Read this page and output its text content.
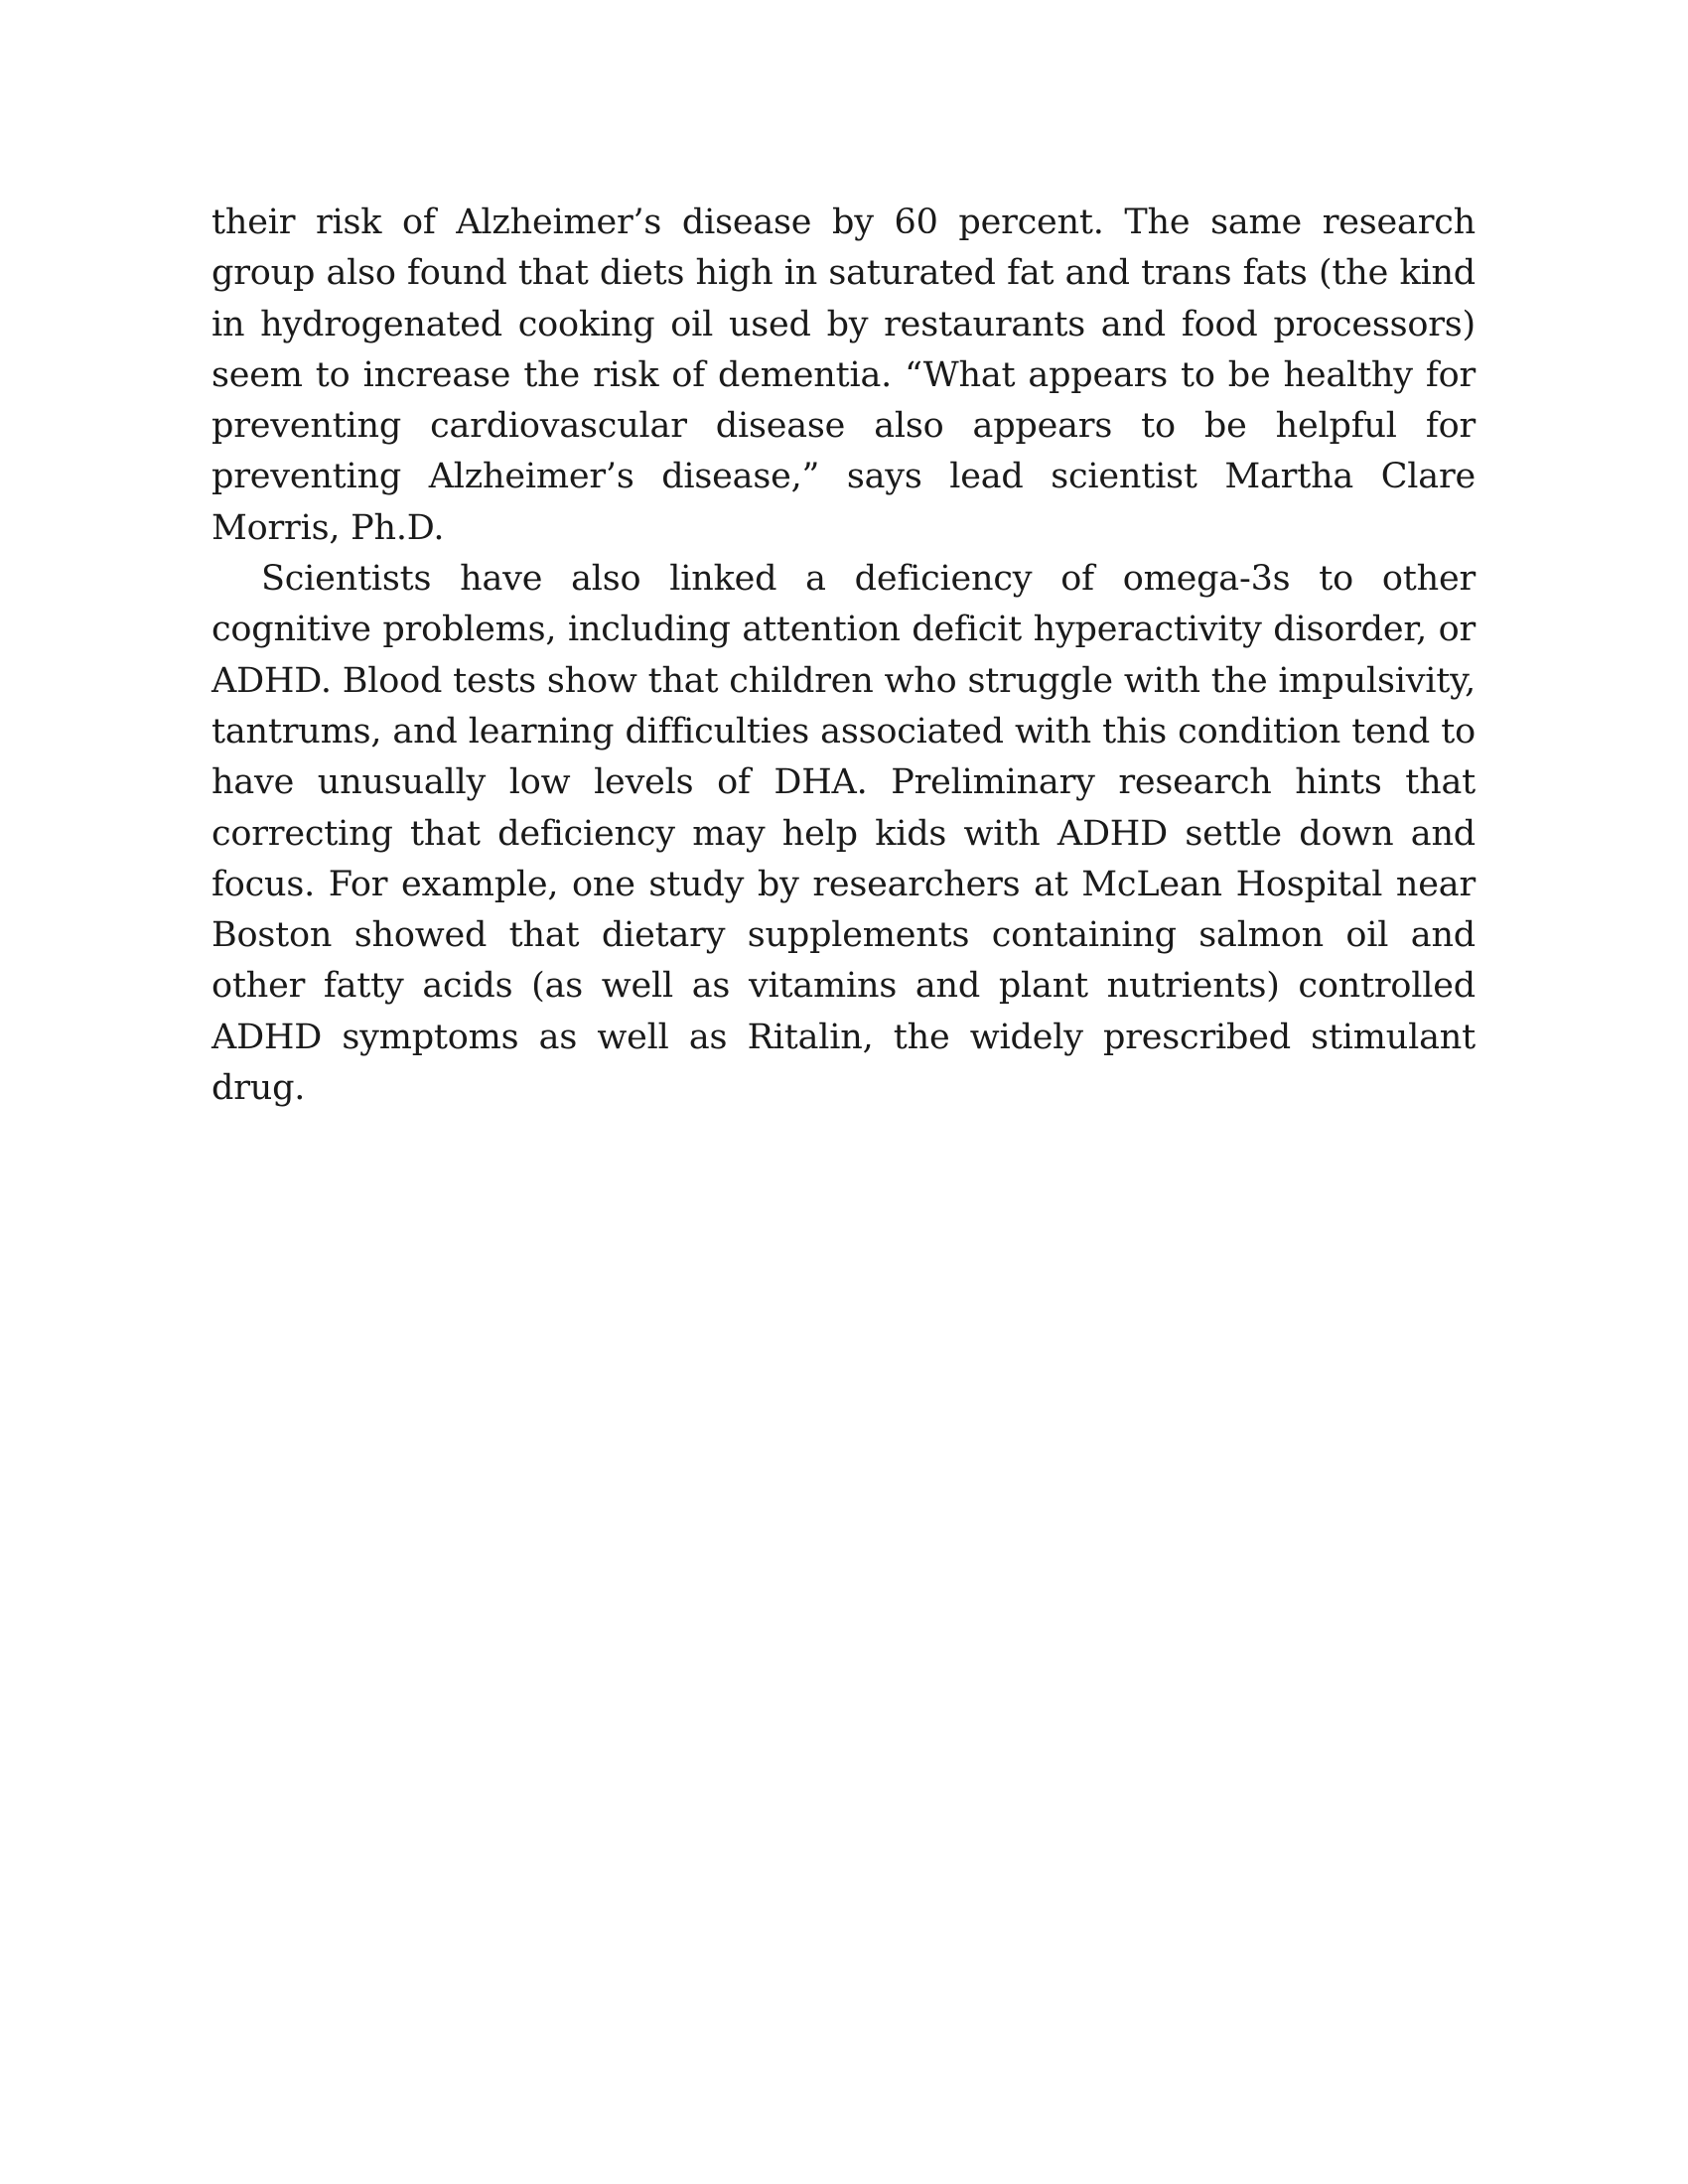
their risk of Alzheimer’s disease by 60 percent. The same research group also found that diets high in saturated fat and trans fats (the kind in hydrogenated cooking oil used by restaurants and food processors) seem to increase the risk of dementia. “What appears to be healthy for preventing cardiovascular disease also appears to be helpful for preventing Alzheimer’s disease,” says lead scientist Martha Clare Morris, Ph.D.

Scientists have also linked a deficiency of omega-3s to other cognitive problems, including attention deficit hyperactivity disorder, or ADHD. Blood tests show that children who struggle with the impulsivity, tantrums, and learning difficulties associated with this condition tend to have unusually low levels of DHA. Preliminary research hints that correcting that deficiency may help kids with ADHD settle down and focus. For example, one study by researchers at McLean Hospital near Boston showed that dietary supplements containing salmon oil and other fatty acids (as well as vitamins and plant nutrients) controlled ADHD symptoms as well as Ritalin, the widely prescribed stimulant drug.
